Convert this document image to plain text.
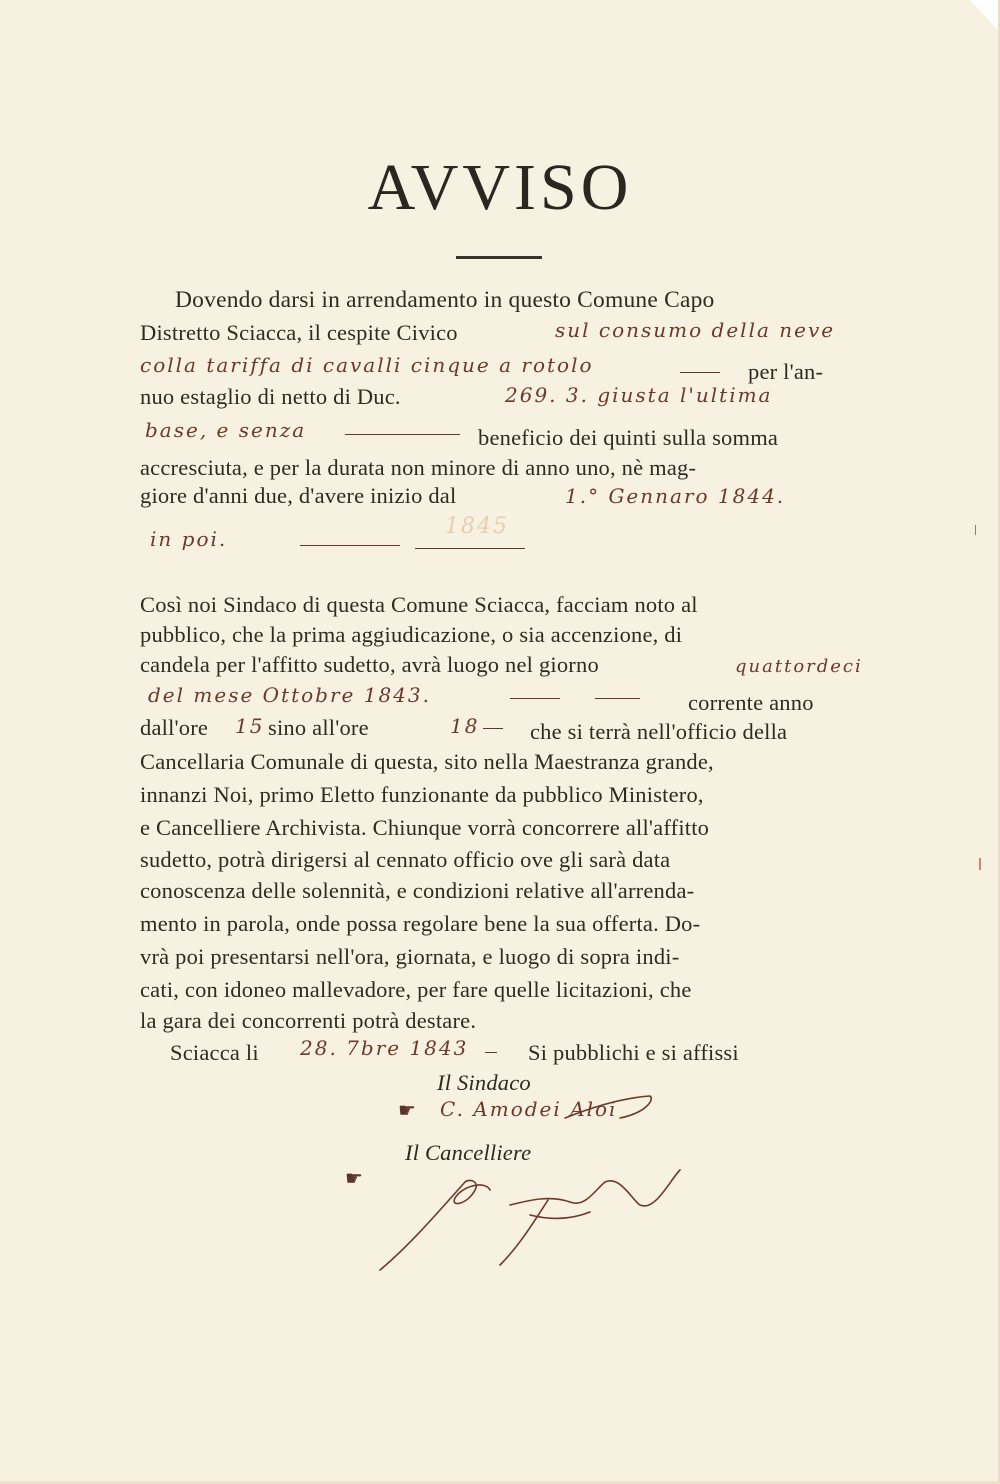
AVVISO
Dovendo darsi in arrendamento in questo Comune Capo
Distretto Sciacca, il cespite Civico	sul consumo della neve
colla tariffa di cavalli cinque a rotolo	per l'an-
nuo estaglio di netto di Duc.	269. 3. giusta l'ultima
base, e senza	beneficio dei quinti sulla somma
accresciuta, e per la durata non minore di anno uno, nè mag-
giore d'anni due, d'avere inizio dal	1.° Gennaro 1844.
1845
in poi.
Così noi Sindaco di questa Comune Sciacca, facciam noto al
pubblico, che la prima aggiudicazione, o sia accenzione, di
candela per l'affitto sudetto, avrà luogo nel giorno	quattordeci
del mese Ottobre 1843.	corrente anno
dall'ore 15 sino all'ore	18 che si terrà nell'officio della
Cancellaria Comunale di questa, sito nella Maestranza grande,
innanzi Noi, primo Eletto funzionante da pubblico Ministero,
e Cancelliere Archivista. Chiunque vorrà concorrere all'affitto
sudetto, potrà dirigersi al cennato officio ove gli sarà data
conoscenza delle solennità, e condizioni relative all'arrenda-
mento in parola, onde possa regolare bene la sua offerta. Do-
vrà poi presentarsi nell'ora, giornata, e luogo di sopra indi-
cati, con idoneo mallevadore, per fare quelle licitazioni, che
la gara dei concorrenti potrà destare.
Sciacca li 28. 7bre 1843	Si pubblichi e si affissi
Il Sindaco
☛ C. Amodei Aloi
Il Cancelliere
☛
